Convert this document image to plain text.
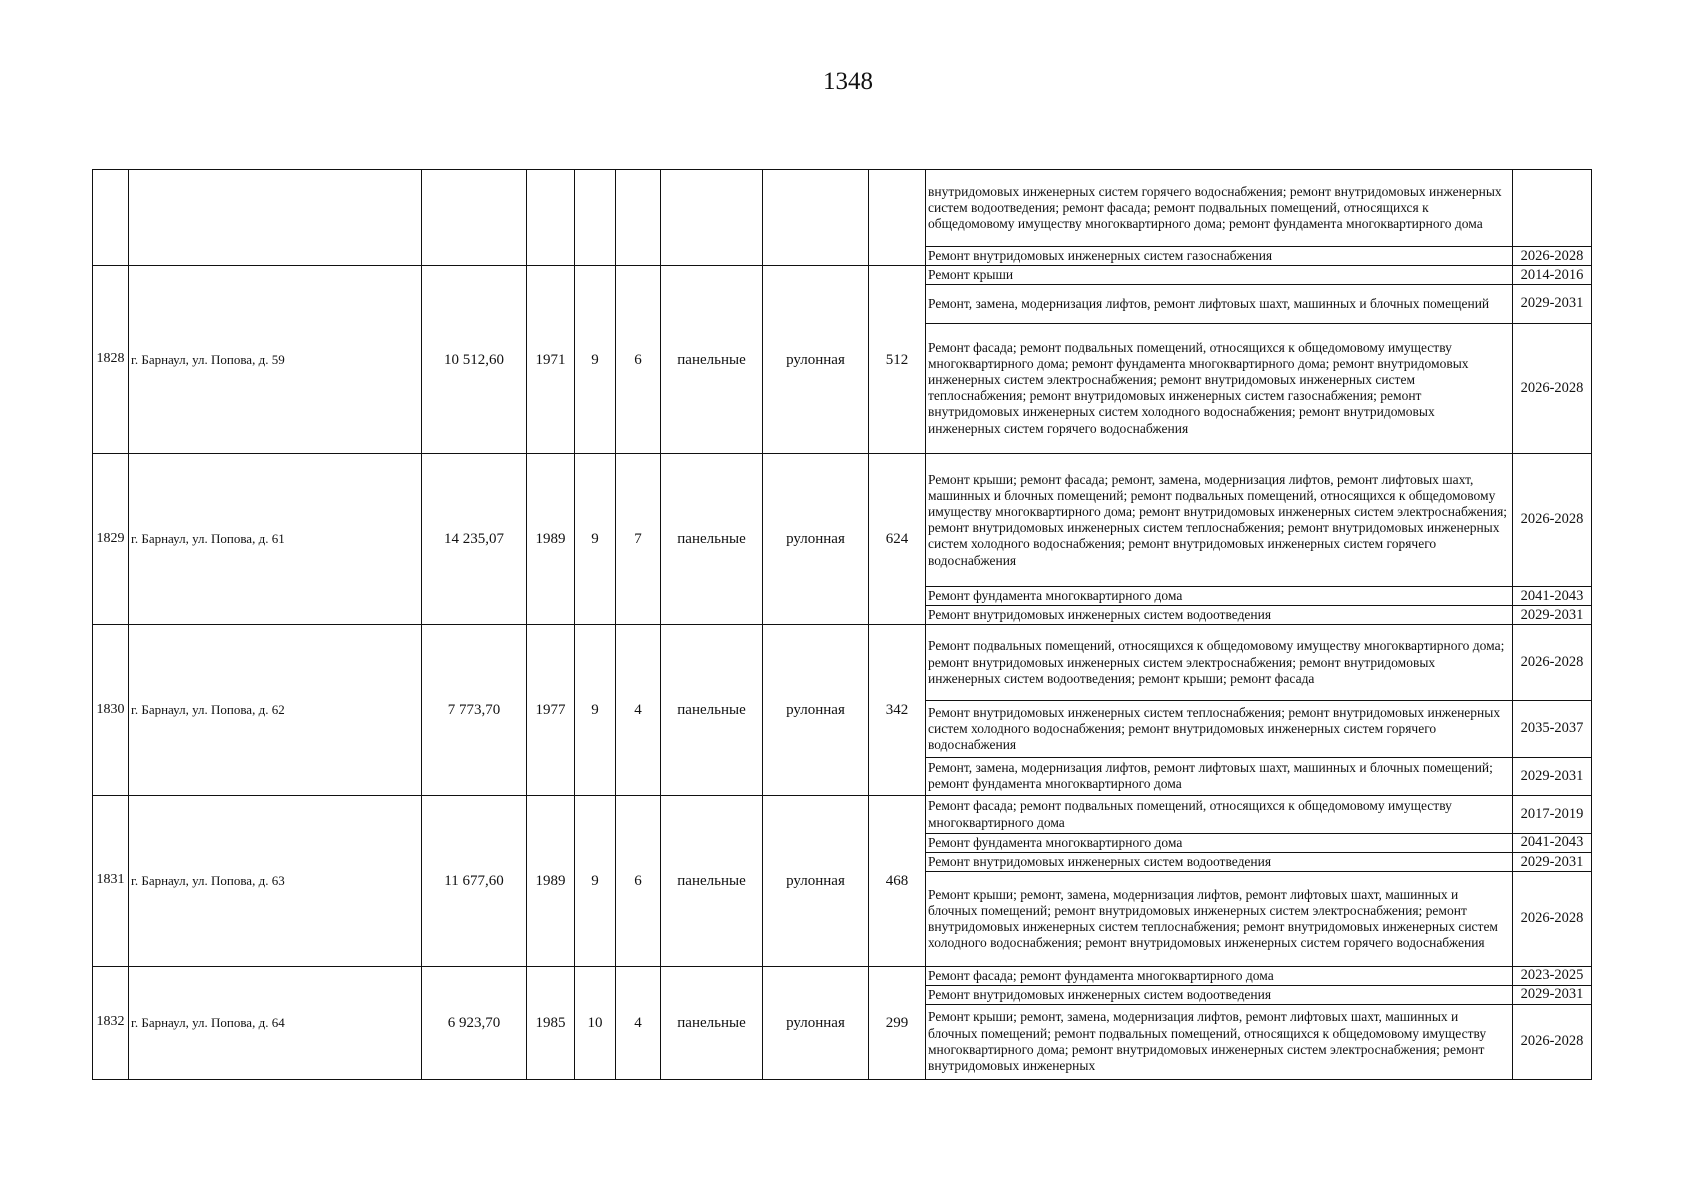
1348
									внутридомовых инженерных систем горячего водоснабжения; ремонт внутридомовых инженерных систем водоотведения; ремонт фасада; ремонт подвальных помещений, относящихся к общедомовому имуществу многоквартирного дома; ремонт фундамента многоквартирного дома	
									Ремонт внутридомовых инженерных систем газоснабжения	2026-2028
1828	г. Барнаул, ул. Попова, д. 59	10 512,60	1971	9	6	панельные	рулонная	512	Ремонт крыши	2014-2016
									Ремонт, замена, модернизация лифтов, ремонт лифтовых шахт, машинных и блочных помещений	2029-2031
									Ремонт фасада; ремонт подвальных помещений, относящихся к общедомовому имуществу многоквартирного дома; ремонт фундамента многоквартирного дома; ремонт внутридомовых инженерных систем электроснабжения; ремонт внутридомовых инженерных систем теплоснабжения; ремонт внутридомовых инженерных систем газоснабжения; ремонт внутридомовых инженерных систем холодного водоснабжения; ремонт внутридомовых инженерных систем горячего водоснабжения	2026-2028
1829	г. Барнаул, ул. Попова, д. 61	14 235,07	1989	9	7	панельные	рулонная	624	Ремонт крыши; ремонт фасада; ремонт, замена, модернизация лифтов, ремонт лифтовых шахт, машинных и блочных помещений; ремонт подвальных помещений, относящихся к общедомовому имуществу многоквартирного дома; ремонт внутридомовых инженерных систем электроснабжения; ремонт внутридомовых инженерных систем теплоснабжения; ремонт внутридомовых инженерных систем холодного водоснабжения; ремонт внутридомовых инженерных систем горячего водоснабжения	2026-2028
									Ремонт фундамента многоквартирного дома	2041-2043
									Ремонт внутридомовых инженерных систем водоотведения	2029-2031
1830	г. Барнаул, ул. Попова, д. 62	7 773,70	1977	9	4	панельные	рулонная	342	Ремонт подвальных помещений, относящихся к общедомовому имуществу многоквартирного дома; ремонт внутридомовых инженерных систем электроснабжения; ремонт внутридомовых инженерных систем водоотведения; ремонт крыши; ремонт фасада	2026-2028
									Ремонт внутридомовых инженерных систем теплоснабжения; ремонт внутридомовых инженерных систем холодного водоснабжения; ремонт внутридомовых инженерных систем горячего водоснабжения	2035-2037
									Ремонт, замена, модернизация лифтов, ремонт лифтовых шахт, машинных и блочных помещений; ремонт фундамента многоквартирного дома	2029-2031
1831	г. Барнаул, ул. Попова, д. 63	11 677,60	1989	9	6	панельные	рулонная	468	Ремонт фасада; ремонт подвальных помещений, относящихся к общедомовому имуществу многоквартирного дома	2017-2019
									Ремонт фундамента многоквартирного дома	2041-2043
									Ремонт внутридомовых инженерных систем водоотведения	2029-2031
									Ремонт крыши; ремонт, замена, модернизация лифтов, ремонт лифтовых шахт, машинных и блочных помещений; ремонт внутридомовых инженерных систем электроснабжения; ремонт внутридомовых инженерных систем теплоснабжения; ремонт внутридомовых инженерных систем холодного водоснабжения; ремонт внутридомовых инженерных систем горячего водоснабжения	2026-2028
1832	г. Барнаул, ул. Попова, д. 64	6 923,70	1985	10	4	панельные	рулонная	299	Ремонт фасада; ремонт фундамента многоквартирного дома	2023-2025
									Ремонт внутридомовых инженерных систем водоотведения	2029-2031
									Ремонт крыши; ремонт, замена, модернизация лифтов, ремонт лифтовых шахт, машинных и блочных помещений; ремонт подвальных помещений, относящихся к общедомовому имуществу многоквартирного дома; ремонт внутридомовых инженерных систем электроснабжения; ремонт внутридомовых инженерных	2026-2028
